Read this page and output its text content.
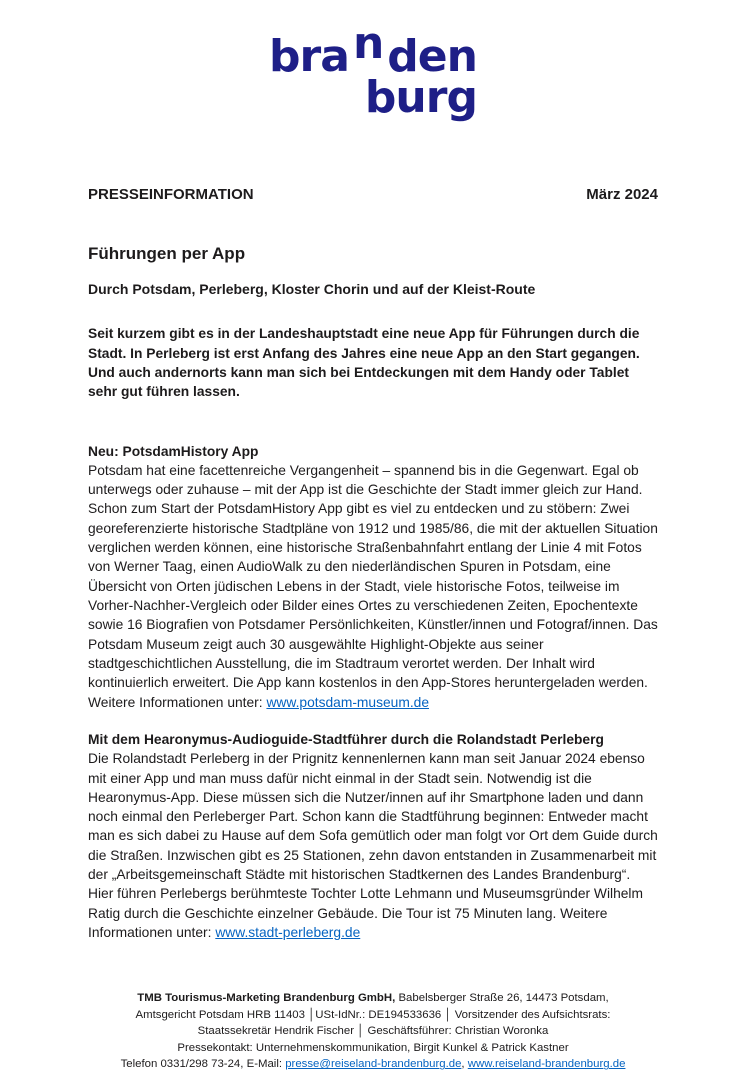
branden
burg
PRESSEINFORMATION	März 2024
Führungen per App
Durch Potsdam, Perleberg, Kloster Chorin und auf der Kleist-Route

Seit kurzem gibt es in der Landeshauptstadt eine neue App für Führungen durch die Stadt. In Perleberg ist erst Anfang des Jahres eine neue App an den Start gegangen. Und auch andernorts kann man sich bei Entdeckungen mit dem Handy oder Tablet sehr gut führen lassen.

Neu: PotsdamHistory App

Potsdam hat eine facettenreiche Vergangenheit – spannend bis in die Gegenwart. Egal ob unterwegs oder zuhause – mit der App ist die Geschichte der Stadt immer gleich zur Hand. Schon zum Start der PotsdamHistory App gibt es viel zu entdecken und zu stöbern: Zwei georeferenzierte historische Stadtpläne von 1912 und 1985/86, die mit der aktuellen Situation verglichen werden können, eine historische Straßenbahnfahrt entlang der Linie 4 mit Fotos von Werner Taag, einen AudioWalk zu den niederländischen Spuren in Potsdam, eine Übersicht von Orten jüdischen Lebens in der Stadt, viele historische Fotos, teilweise im Vorher-Nachher-Vergleich oder Bilder eines Ortes zu verschiedenen Zeiten, Epochentexte sowie 16 Biografien von Potsdamer Persönlichkeiten, Künstler/innen und Fotograf/innen. Das Potsdam Museum zeigt auch 30 ausgewählte Highlight-Objekte aus seiner stadtgeschichtlichen Ausstellung, die im Stadtraum verortet werden. Der Inhalt wird kontinuierlich erweitert. Die App kann kostenlos in den App-Stores heruntergeladen werden. Weitere Informationen unter: www.potsdam-museum.de

Mit dem Hearonymus-Audioguide-Stadtführer durch die Rolandstadt Perleberg

Die Rolandstadt Perleberg in der Prignitz kennenlernen kann man seit Januar 2024 ebenso mit einer App und man muss dafür nicht einmal in der Stadt sein. Notwendig ist die Hearonymus-App. Diese müssen sich die Nutzer/innen auf ihr Smartphone laden und dann noch einmal den Perleberger Part. Schon kann die Stadtführung beginnen: Entweder macht man es sich dabei zu Hause auf dem Sofa gemütlich oder man folgt vor Ort dem Guide durch die Straßen. Inzwischen gibt es 25 Stationen, zehn davon entstanden in Zusammenarbeit mit der „Arbeitsgemeinschaft Städte mit historischen Stadtkernen des Landes Brandenburg“. Hier führen Perlebergs berühmteste Tochter Lotte Lehmann und Museumsgründer Wilhelm Ratig durch die Geschichte einzelner Gebäude. Die Tour ist 75 Minuten lang. Weitere Informationen unter: www.stadt-perleberg.de

TMB Tourismus-Marketing Brandenburg GmbH, Babelsberger Straße 26, 14473 Potsdam,
Amtsgericht Potsdam HRB 11403 │USt-IdNr.: DE194533636 │ Vorsitzender des Aufsichtsrats:
Staatssekretär Hendrik Fischer │ Geschäftsführer: Christian Woronka
Pressekontakt: Unternehmenskommunikation, Birgit Kunkel & Patrick Kastner
Telefon 0331/298 73-24, E-Mail: presse@reiseland-brandenburg.de, www.reiseland-brandenburg.de
